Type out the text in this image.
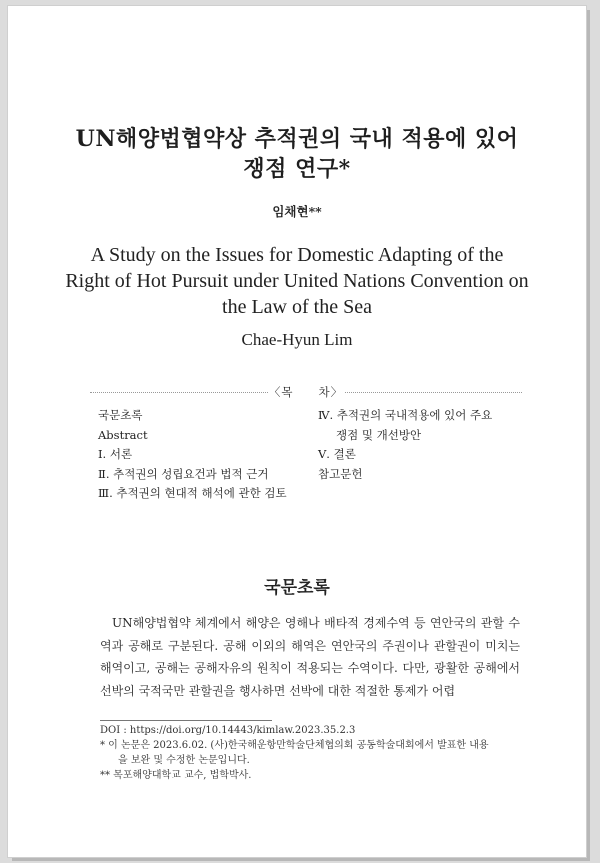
UN해양법협약상 추적권의 국내 적용에 있어
쟁점 연구*
임채현**
A Study on the Issues for Domestic Adapting of the
Right of Hot Pursuit under United Nations Convention on
the Law of the Sea
Chae-Hyun Lim
〈목　　차〉
국문초록
Abstract
Ⅰ. 서론
Ⅱ. 추적권의 성립요건과 법적 근거
Ⅲ. 추적권의 현대적 해석에 관한 검토
Ⅳ. 추적권의 국내적용에 있어 주요
쟁점 및 개선방안
Ⅴ. 결론
참고문헌
국문초록

UN해양법협약 체계에서 해양은 영해나 배타적 경제수역 등 연안국의 관할 수역과 공해로 구분된다. 공해 이외의 해역은 연안국의 주권이나 관할권이 미치는 해역이고, 공해는 공해자유의 원칙이 적용되는 수역이다. 다만, 광활한 공해에서 선박의 국적국만 관할권을 행사하면 선박에 대한 적절한 통제가 어렵

DOI : https://doi.org/10.14443/kimlaw.2023.35.2.3
* 이 논문은 2023.6.02. (사)한국해운항만학술단체협의회 공동학술대회에서 발표한 내용
을 보완 및 수정한 논문입니다.
** 목포해양대학교 교수, 법학박사.
